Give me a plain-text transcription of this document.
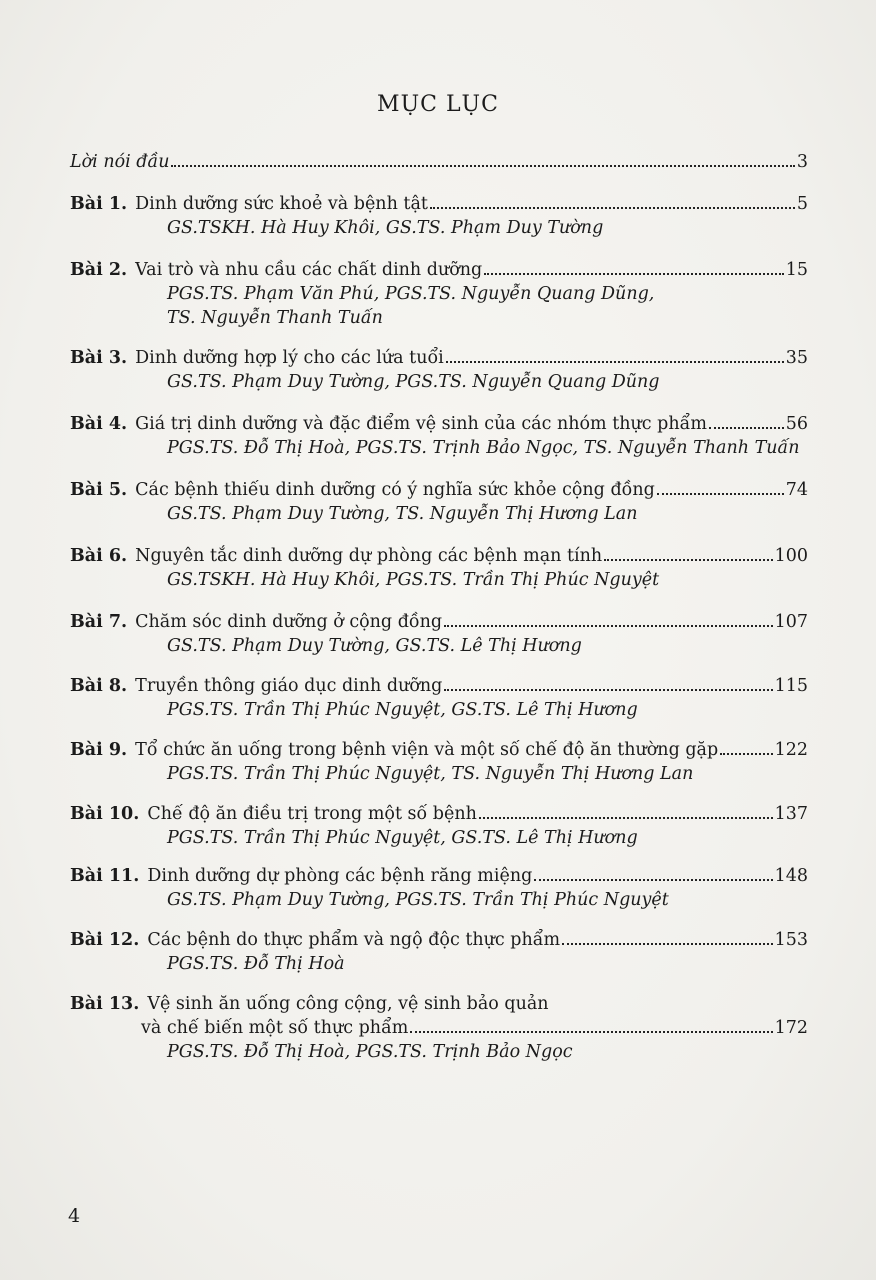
MỤC LỤC
Lời nói đầu	3
Bài 1. Dinh dưỡng sức khoẻ và bệnh tật	5
GS.TSKH. Hà Huy Khôi, GS.TS. Phạm Duy Tường
Bài 2. Vai trò và nhu cầu các chất dinh dưỡng	15
PGS.TS. Phạm Văn Phú, PGS.TS. Nguyễn Quang Dũng,
TS. Nguyễn Thanh Tuấn
Bài 3. Dinh dưỡng hợp lý cho các lứa tuổi	35
GS.TS. Phạm Duy Tường, PGS.TS. Nguyễn Quang Dũng
Bài 4. Giá trị dinh dưỡng và đặc điểm vệ sinh của các nhóm thực phẩm	56
PGS.TS. Đỗ Thị Hoà, PGS.TS. Trịnh Bảo Ngọc, TS. Nguyễn Thanh Tuấn
Bài 5. Các bệnh thiếu dinh dưỡng có ý nghĩa sức khỏe cộng đồng	74
GS.TS. Phạm Duy Tường, TS. Nguyễn Thị Hương Lan
Bài 6. Nguyên tắc dinh dưỡng dự phòng các bệnh mạn tính	100
GS.TSKH. Hà Huy Khôi, PGS.TS. Trần Thị Phúc Nguyệt
Bài 7. Chăm sóc dinh dưỡng ở cộng đồng	107
GS.TS. Phạm Duy Tường, GS.TS. Lê Thị Hương
Bài 8. Truyền thông giáo dục dinh dưỡng	115
PGS.TS. Trần Thị Phúc Nguyệt, GS.TS. Lê Thị Hương
Bài 9. Tổ chức ăn uống trong bệnh viện và một số chế độ ăn thường gặp	122
PGS.TS. Trần Thị Phúc Nguyệt, TS. Nguyễn Thị Hương Lan
Bài 10. Chế độ ăn điều trị trong một số bệnh	137
PGS.TS. Trần Thị Phúc Nguyệt, GS.TS. Lê Thị Hương
Bài 11. Dinh dưỡng dự phòng các bệnh răng miệng	148
GS.TS. Phạm Duy Tường, PGS.TS. Trần Thị Phúc Nguyệt
Bài 12. Các bệnh do thực phẩm và ngộ độc thực phẩm	153
PGS.TS. Đỗ Thị Hoà
Bài 13. Vệ sinh ăn uống công cộng, vệ sinh bảo quản
và chế biến một số thực phẩm	172
PGS.TS. Đỗ Thị Hoà, PGS.TS. Trịnh Bảo Ngọc
4
